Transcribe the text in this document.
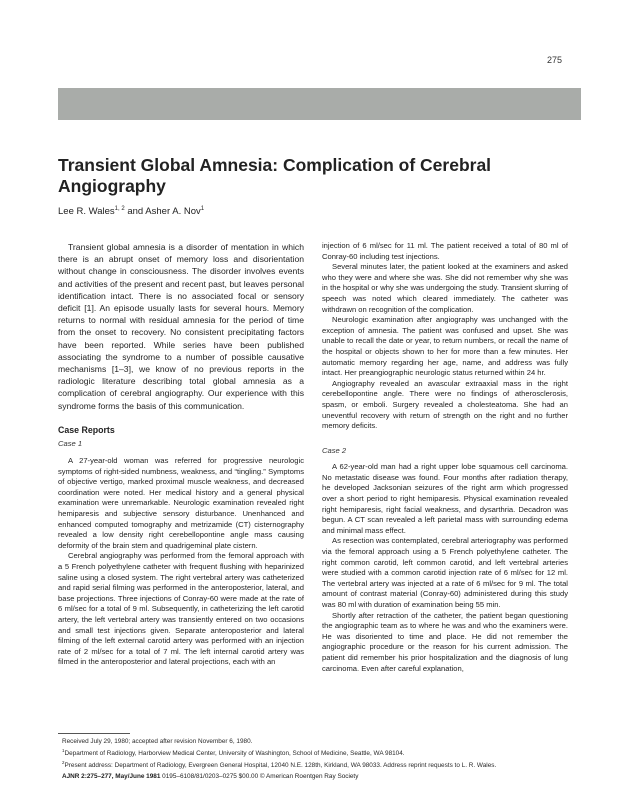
275
Transient Global Amnesia: Complication of Cerebral Angiography
Lee R. Wales$^{1, 2}$ and Asher A. Nov$^1$

Transient global amnesia is a disorder of mentation in which there is an abrupt onset of memory loss and disorientation without change in consciousness. The disorder involves events and activities of the present and recent past, but leaves personal identification intact. There is no associated focal or sensory deficit [1]. An episode usually lasts for several hours. Memory returns to normal with residual amnesia for the period of time from the onset to recovery. No consistent precipitating factors have been reported. While series have been published associating the syndrome to a number of possible causative mechanisms [1–3], we know of no previous reports in the radiologic literature describing total global amnesia as a complication of cerebral angiography. Our experience with this syndrome forms the basis of this communication.

Case Reports
Case 1

A 27-year-old woman was referred for progressive neurologic symptoms of right-sided numbness, weakness, and “tingling.” Symptoms of objective vertigo, marked proximal muscle weakness, and decreased coordination were noted. Her medical history and a general physical examination were unremarkable. Neurologic examination revealed right hemiparesis and subjective sensory disturbance. Unenhanced and enhanced computed tomography and metrizamide (CT) cisternography revealed a low density right cerebellopontine angle mass causing deformity of the brain stem and quadrigeminal plate cistern.

Cerebral angiography was performed from the femoral approach with a 5 French polyethylene catheter with frequent flushing with heparinized saline using a closed system. The right vertebral artery was catheterized and rapid serial filming was performed in the anteroposterior, lateral, and base projections. Three injections of Conray-60 were made at the rate of 6 ml/sec for a total of 9 ml. Subsequently, in catheterizing the left carotid artery, the left vertebral artery was transiently entered on two occasions and small test injections given. Separate anteroposterior and lateral filming of the left external carotid artery was performed with an injection rate of 2 ml/sec for a total of 7 ml. The left internal carotid artery was filmed in the anteroposterior and lateral projections, each with an

injection of 6 ml/sec for 11 ml. The patient received a total of 80 ml of Conray-60 including test injections.

Several minutes later, the patient looked at the examiners and asked who they were and where she was. She did not remember why she was in the hospital or why she was undergoing the study. Transient slurring of speech was noted which cleared immediately. The catheter was withdrawn on recognition of the complication.

Neurologic examination after angiography was unchanged with the exception of amnesia. The patient was confused and upset. She was unable to recall the date or year, to return numbers, or recall the name of the hospital or objects shown to her for more than a few minutes. Her automatic memory regarding her age, name, and address was fully intact. Her preangiographic neurologic status returned within 24 hr.

Angiography revealed an avascular extraaxial mass in the right cerebellopontine angle. There were no findings of atherosclerosis, spasm, or emboli. Surgery revealed a cholesteatoma. She had an uneventful recovery with return of strength on the right and no further memory deficits.

Case 2

A 62-year-old man had a right upper lobe squamous cell carcinoma. No metastatic disease was found. Four months after radiation therapy, he developed Jacksonian seizures of the right arm which progressed over a short period to right hemiparesis. Physical examination revealed right hemiparesis, right facial weakness, and dysarthria. Decadron was begun. A CT scan revealed a left parietal mass with surrounding edema and minimal mass effect.

As resection was contemplated, cerebral arteriography was performed via the femoral approach using a 5 French polyethylene catheter. The right common carotid, left common carotid, and left vertebral arteries were studied with a common carotid injection rate of 6 ml/sec for 12 ml. The vertebral artery was injected at a rate of 6 ml/sec for 9 ml. The total amount of contrast material (Conray-60) administered during this study was 80 ml with duration of examination being 55 min.

Shortly after retraction of the catheter, the patient began questioning the angiographic team as to where he was and who the examiners were. He was disoriented to time and place. He did not remember the angiographic procedure or the reason for his current admission. The patient did remember his prior hospitalization and the diagnosis of lung carcinoma. Even after careful explanation,

Received July 29, 1980; accepted after revision November 6, 1980.
$^1$Department of Radiology, Harborview Medical Center, University of Washington, School of Medicine, Seattle, WA 98104.
$^2$Present address: Department of Radiology, Evergreen General Hospital, 12040 N.E. 128th, Kirkland, WA 98033. Address reprint requests to L. R. Wales.
AJNR 2:275–277, May/June 1981 0195–6108/81/0203–0275 $00.00 © American Roentgen Ray Society
